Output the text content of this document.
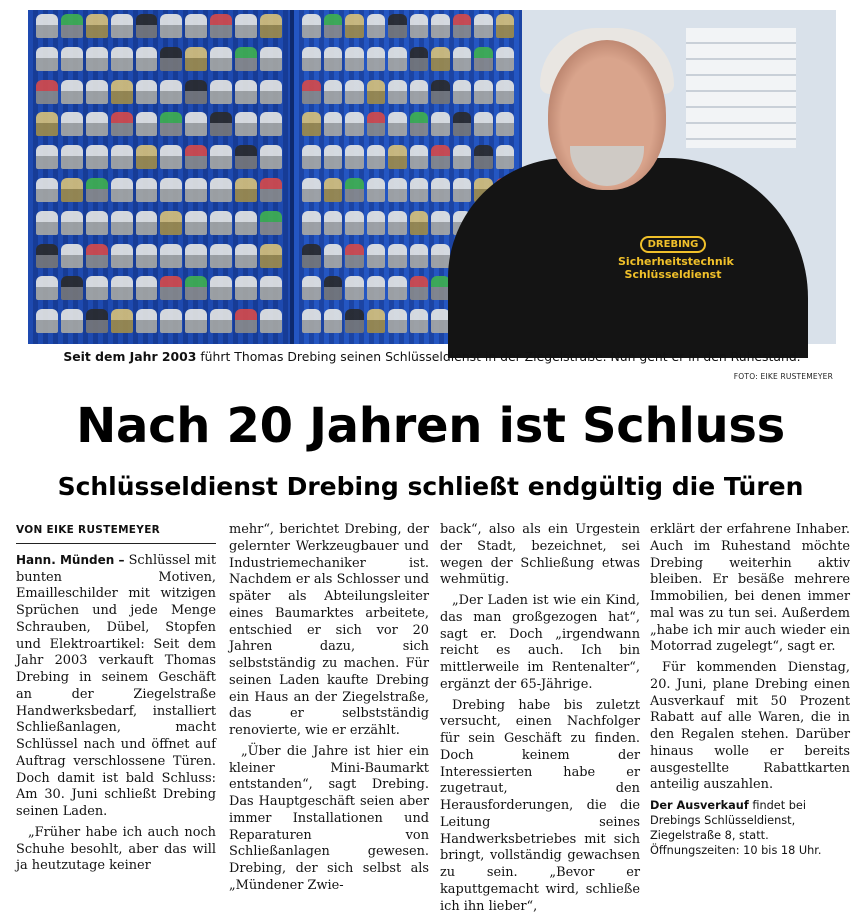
DREBING
Sicherheitstechnik
Schlüsseldienst
Seit dem Jahr 2003 führt Thomas Drebing seinen Schlüsseldienst in der Ziegelstraße. Nun geht er in den Ruhestand.
FOTO: EIKE RUSTEMEYER
Nach 20 Jahren ist Schluss
Schlüsseldienst Drebing schließt endgültig die Türen
VON EIKE RUSTEMEYER

Hann. Münden – Schlüssel mit bunten Motiven, Emailleschilder mit witzigen Sprüchen und jede Menge Schrauben, Dübel, Stopfen und Elektroartikel: Seit dem Jahr 2003 verkauft Thomas Drebing in seinem Geschäft an der Ziegelstraße Handwerksbedarf, installiert Schließanlagen, macht Schlüssel nach und öffnet auf Auftrag verschlossene Türen. Doch damit ist bald Schluss: Am 30. Juni schließt Drebing seinen Laden.

„Früher habe ich auch noch Schuhe besohlt, aber das will ja heutzutage keiner

mehr“, berichtet Drebing, der gelernter Werkzeugbauer und Industriemechaniker ist. Nachdem er als Schlosser und später als Abteilungsleiter eines Baumarktes arbeitete, entschied er sich vor 20 Jahren dazu, sich selbstständig zu machen. Für seinen Laden kaufte Drebing ein Haus an der Ziegelstraße, das er selbstständig renovierte, wie er erzählt.

„Über die Jahre ist hier ein kleiner Mini-Baumarkt entstanden“, sagt Drebing. Das Hauptgeschäft seien aber immer Installationen und Reparaturen von Schließanlagen gewesen. Drebing, der sich selbst als „Mündener Zwie-

back“, also als ein Urgestein der Stadt, bezeichnet, sei wegen der Schließung etwas wehmütig.

„Der Laden ist wie ein Kind, das man großgezogen hat“, sagt er. Doch „irgendwann reicht es auch. Ich bin mittlerweile im Rentenalter“, ergänzt der 65-Jährige.

Drebing habe bis zuletzt versucht, einen Nachfolger für sein Geschäft zu finden. Doch keinem der Interessierten habe er zugetraut, den Herausforderungen, die die Leitung seines Handwerksbetriebes mit sich bringt, vollständig gewachsen zu sein. „Bevor er kaputtgemacht wird, schließe ich ihn lieber“,

erklärt der erfahrene Inhaber. Auch im Ruhestand möchte Drebing weiterhin aktiv bleiben. Er besäße mehrere Immobilien, bei denen immer mal was zu tun sei. Außerdem „habe ich mir auch wieder ein Motorrad zugelegt“, sagt er.

Für kommenden Dienstag, 20. Juni, plane Drebing einen Ausverkauf mit 50 Prozent Rabatt auf alle Waren, die in den Regalen stehen. Darüber hinaus wolle er bereits ausgestellte Rabattkarten anteilig auszahlen.

Der Ausverkauf findet bei Drebings Schlüsseldienst, Ziegelstraße 8, statt. Öffnungszeiten: 10 bis 18 Uhr.
